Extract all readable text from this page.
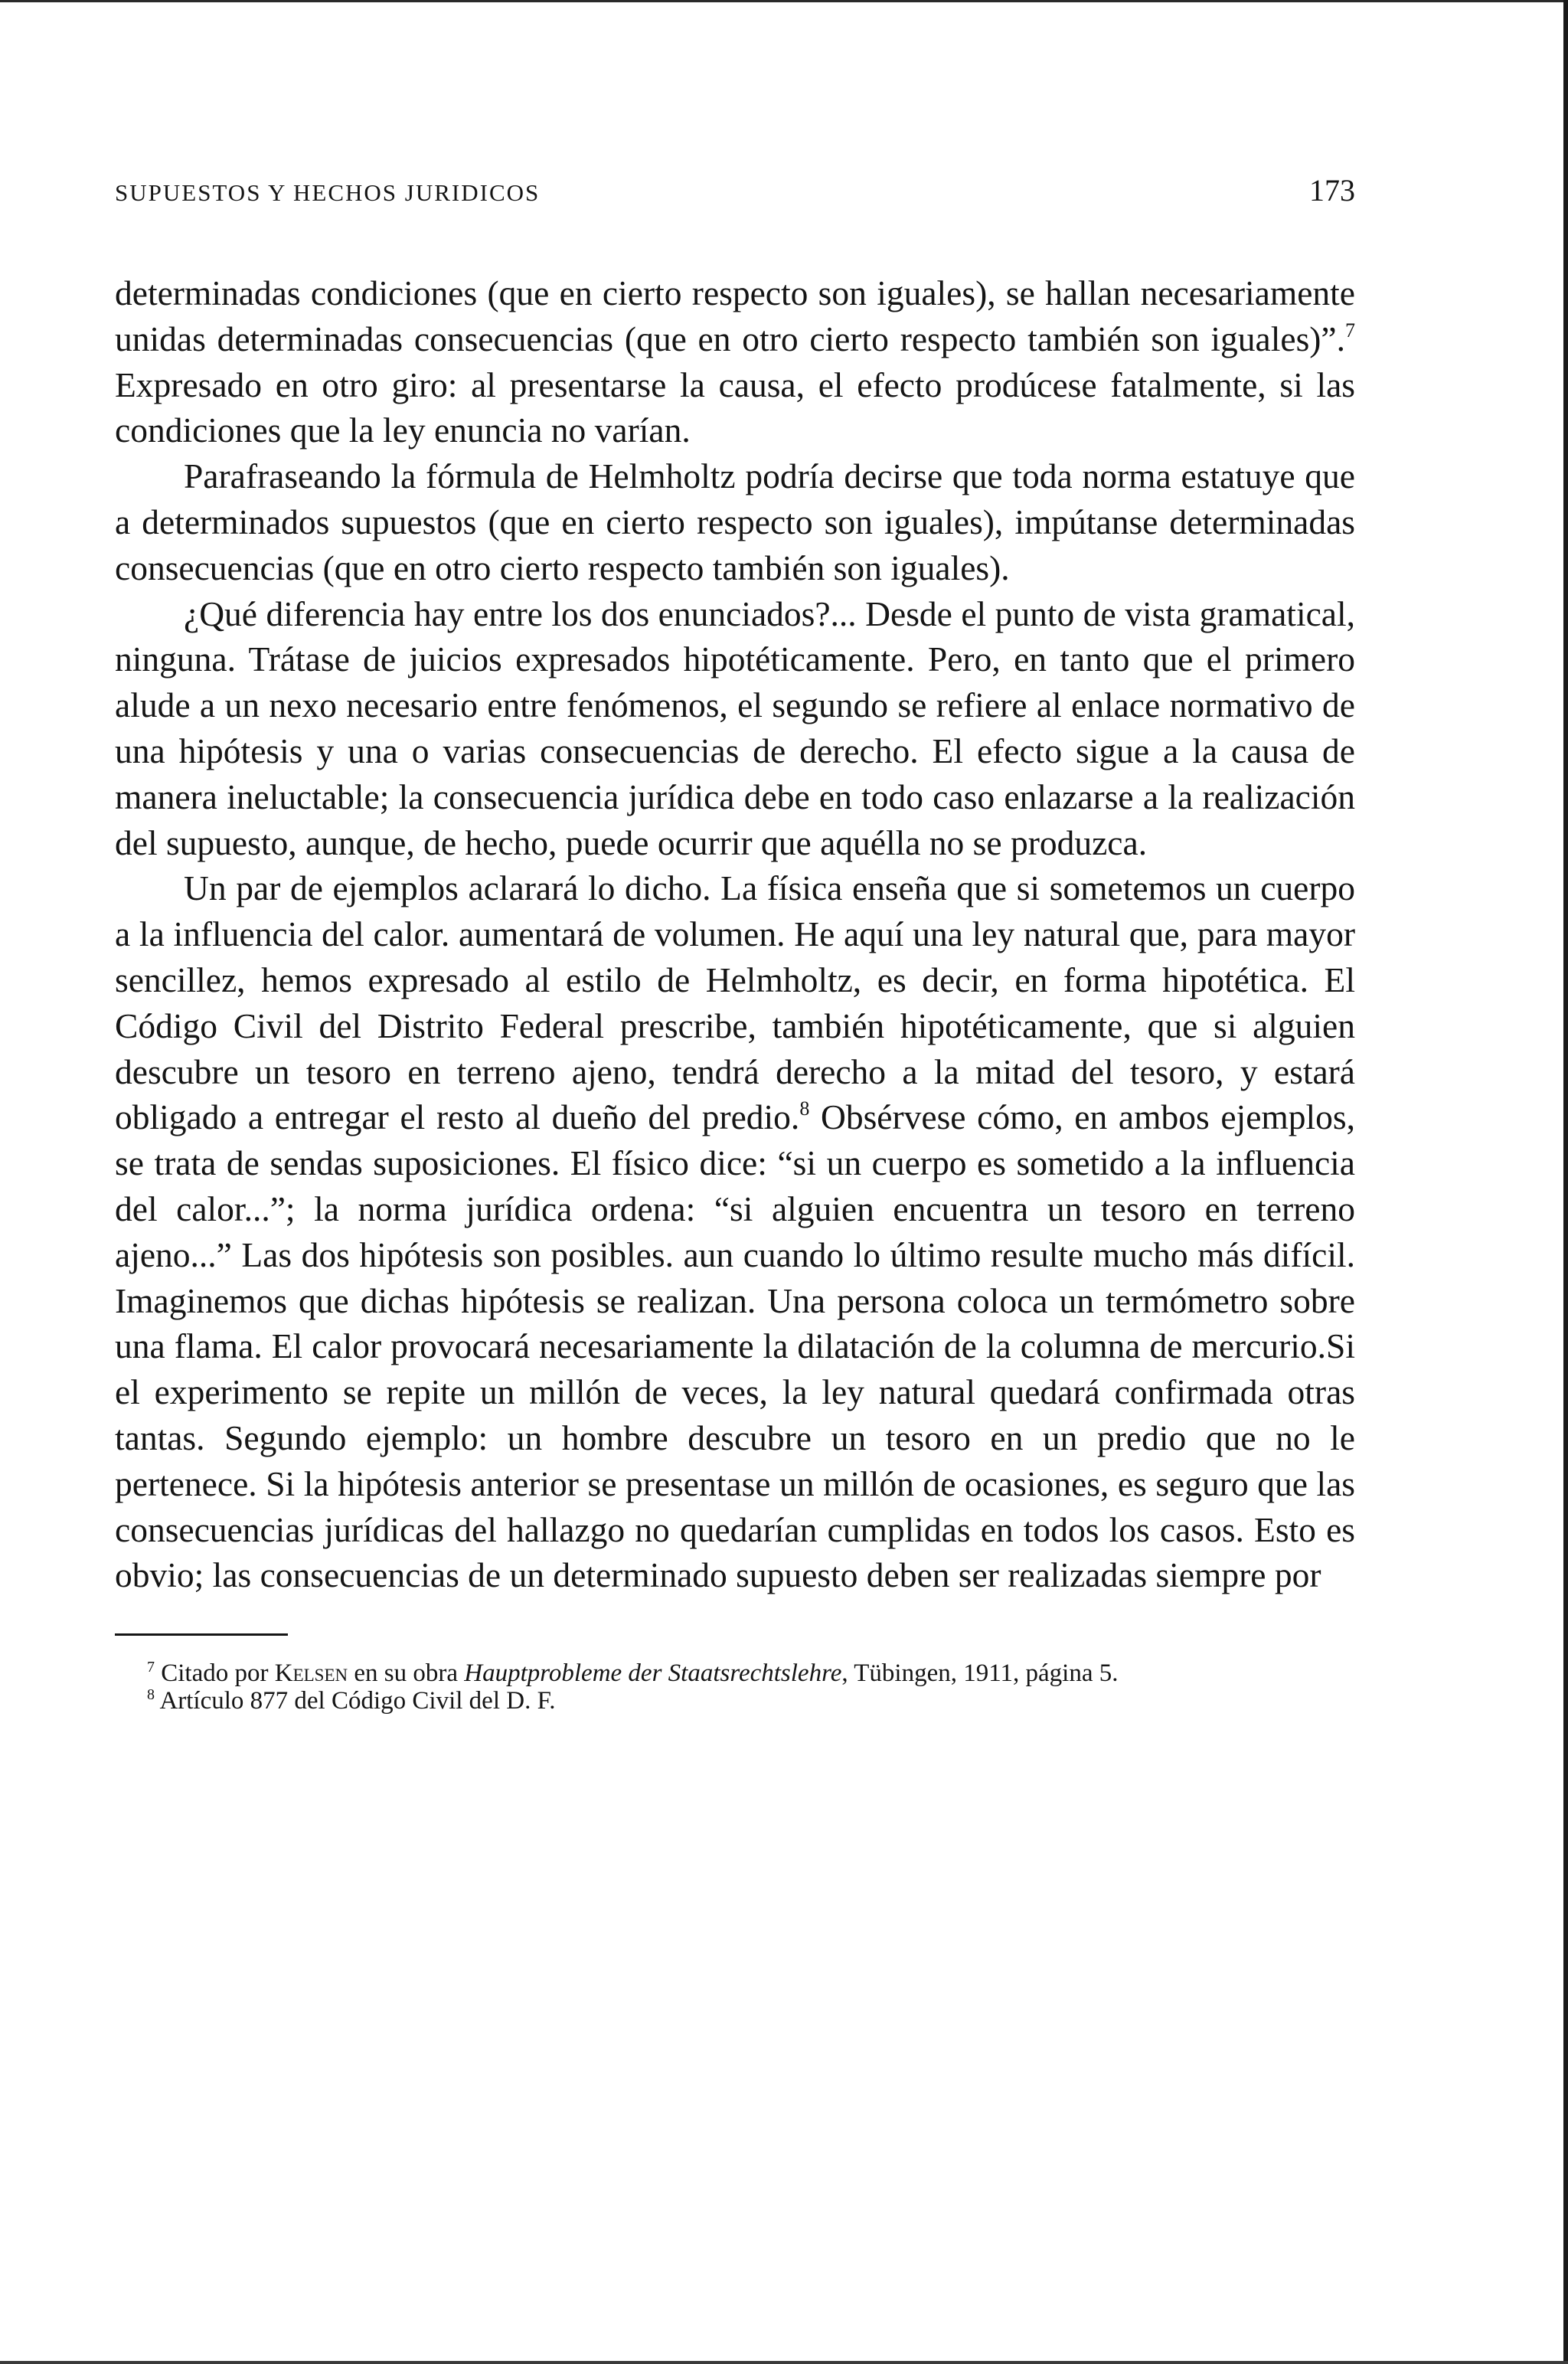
SUPUESTOS Y HECHOS JURIDICOS	173

determinadas condiciones (que en cierto respecto son iguales), se hallan necesariamente unidas determinadas consecuencias (que en otro cierto respecto también son iguales)”.$^7$ Expresado en otro giro: al presentarse la causa, el efecto prodúcese fatalmente, si las condiciones que la ley enuncia no varían.

Parafraseando la fórmula de Helmholtz podría decirse que toda norma estatuye que a determinados supuestos (que en cierto respecto son iguales), impútanse determinadas consecuencias (que en otro cierto respecto también son iguales).

¿Qué diferencia hay entre los dos enunciados?... Desde el punto de vista gramatical, ninguna. Trátase de juicios expresados hipotéticamente. Pero, en tanto que el primero alude a un nexo necesario entre fenómenos, el segundo se refiere al enlace normativo de una hipótesis y una o varias consecuencias de derecho. El efecto sigue a la causa de manera ineluctable; la consecuencia jurídica debe en todo caso enlazarse a la realización del supuesto, aunque, de hecho, puede ocurrir que aquélla no se produzca.

Un par de ejemplos aclarará lo dicho. La física enseña que si sometemos un cuerpo a la influencia del calor. aumentará de volumen. He aquí una ley natural que, para mayor sencillez, hemos expresado al estilo de Helmholtz, es decir, en forma hipotética. El Código Civil del Distrito Federal prescribe, también hipotéticamente, que si alguien descubre un tesoro en terreno ajeno, tendrá derecho a la mitad del tesoro, y estará obligado a entregar el resto al dueño del predio.$^8$ Obsérvese cómo, en ambos ejemplos, se trata de sendas suposiciones. El físico dice: “si un cuerpo es sometido a la influencia del calor...”; la norma jurídica ordena: “si alguien encuentra un tesoro en terreno ajeno...” Las dos hipótesis son posibles. aun cuando lo último resulte mucho más difícil. Imaginemos que dichas hipótesis se realizan. Una persona coloca un termómetro sobre una flama. El calor provocará necesariamente la dilatación de la columna de mercurio.Si el experimento se repite un millón de veces, la ley natural quedará confirmada otras tantas. Segundo ejemplo: un hombre descubre un tesoro en un predio que no le pertenece. Si la hipótesis anterior se presentase un millón de ocasiones, es seguro que las consecuencias jurídicas del hallazgo no quedarían cumplidas en todos los casos. Esto es obvio; las consecuencias de un determinado supuesto deben ser realizadas siempre por

$^7$ Citado por Kelsen en su obra Hauptprobleme der Staatsrechtslehre, Tübingen, 1911, página 5.

$^8$ Artículo 877 del Código Civil del D. F.
